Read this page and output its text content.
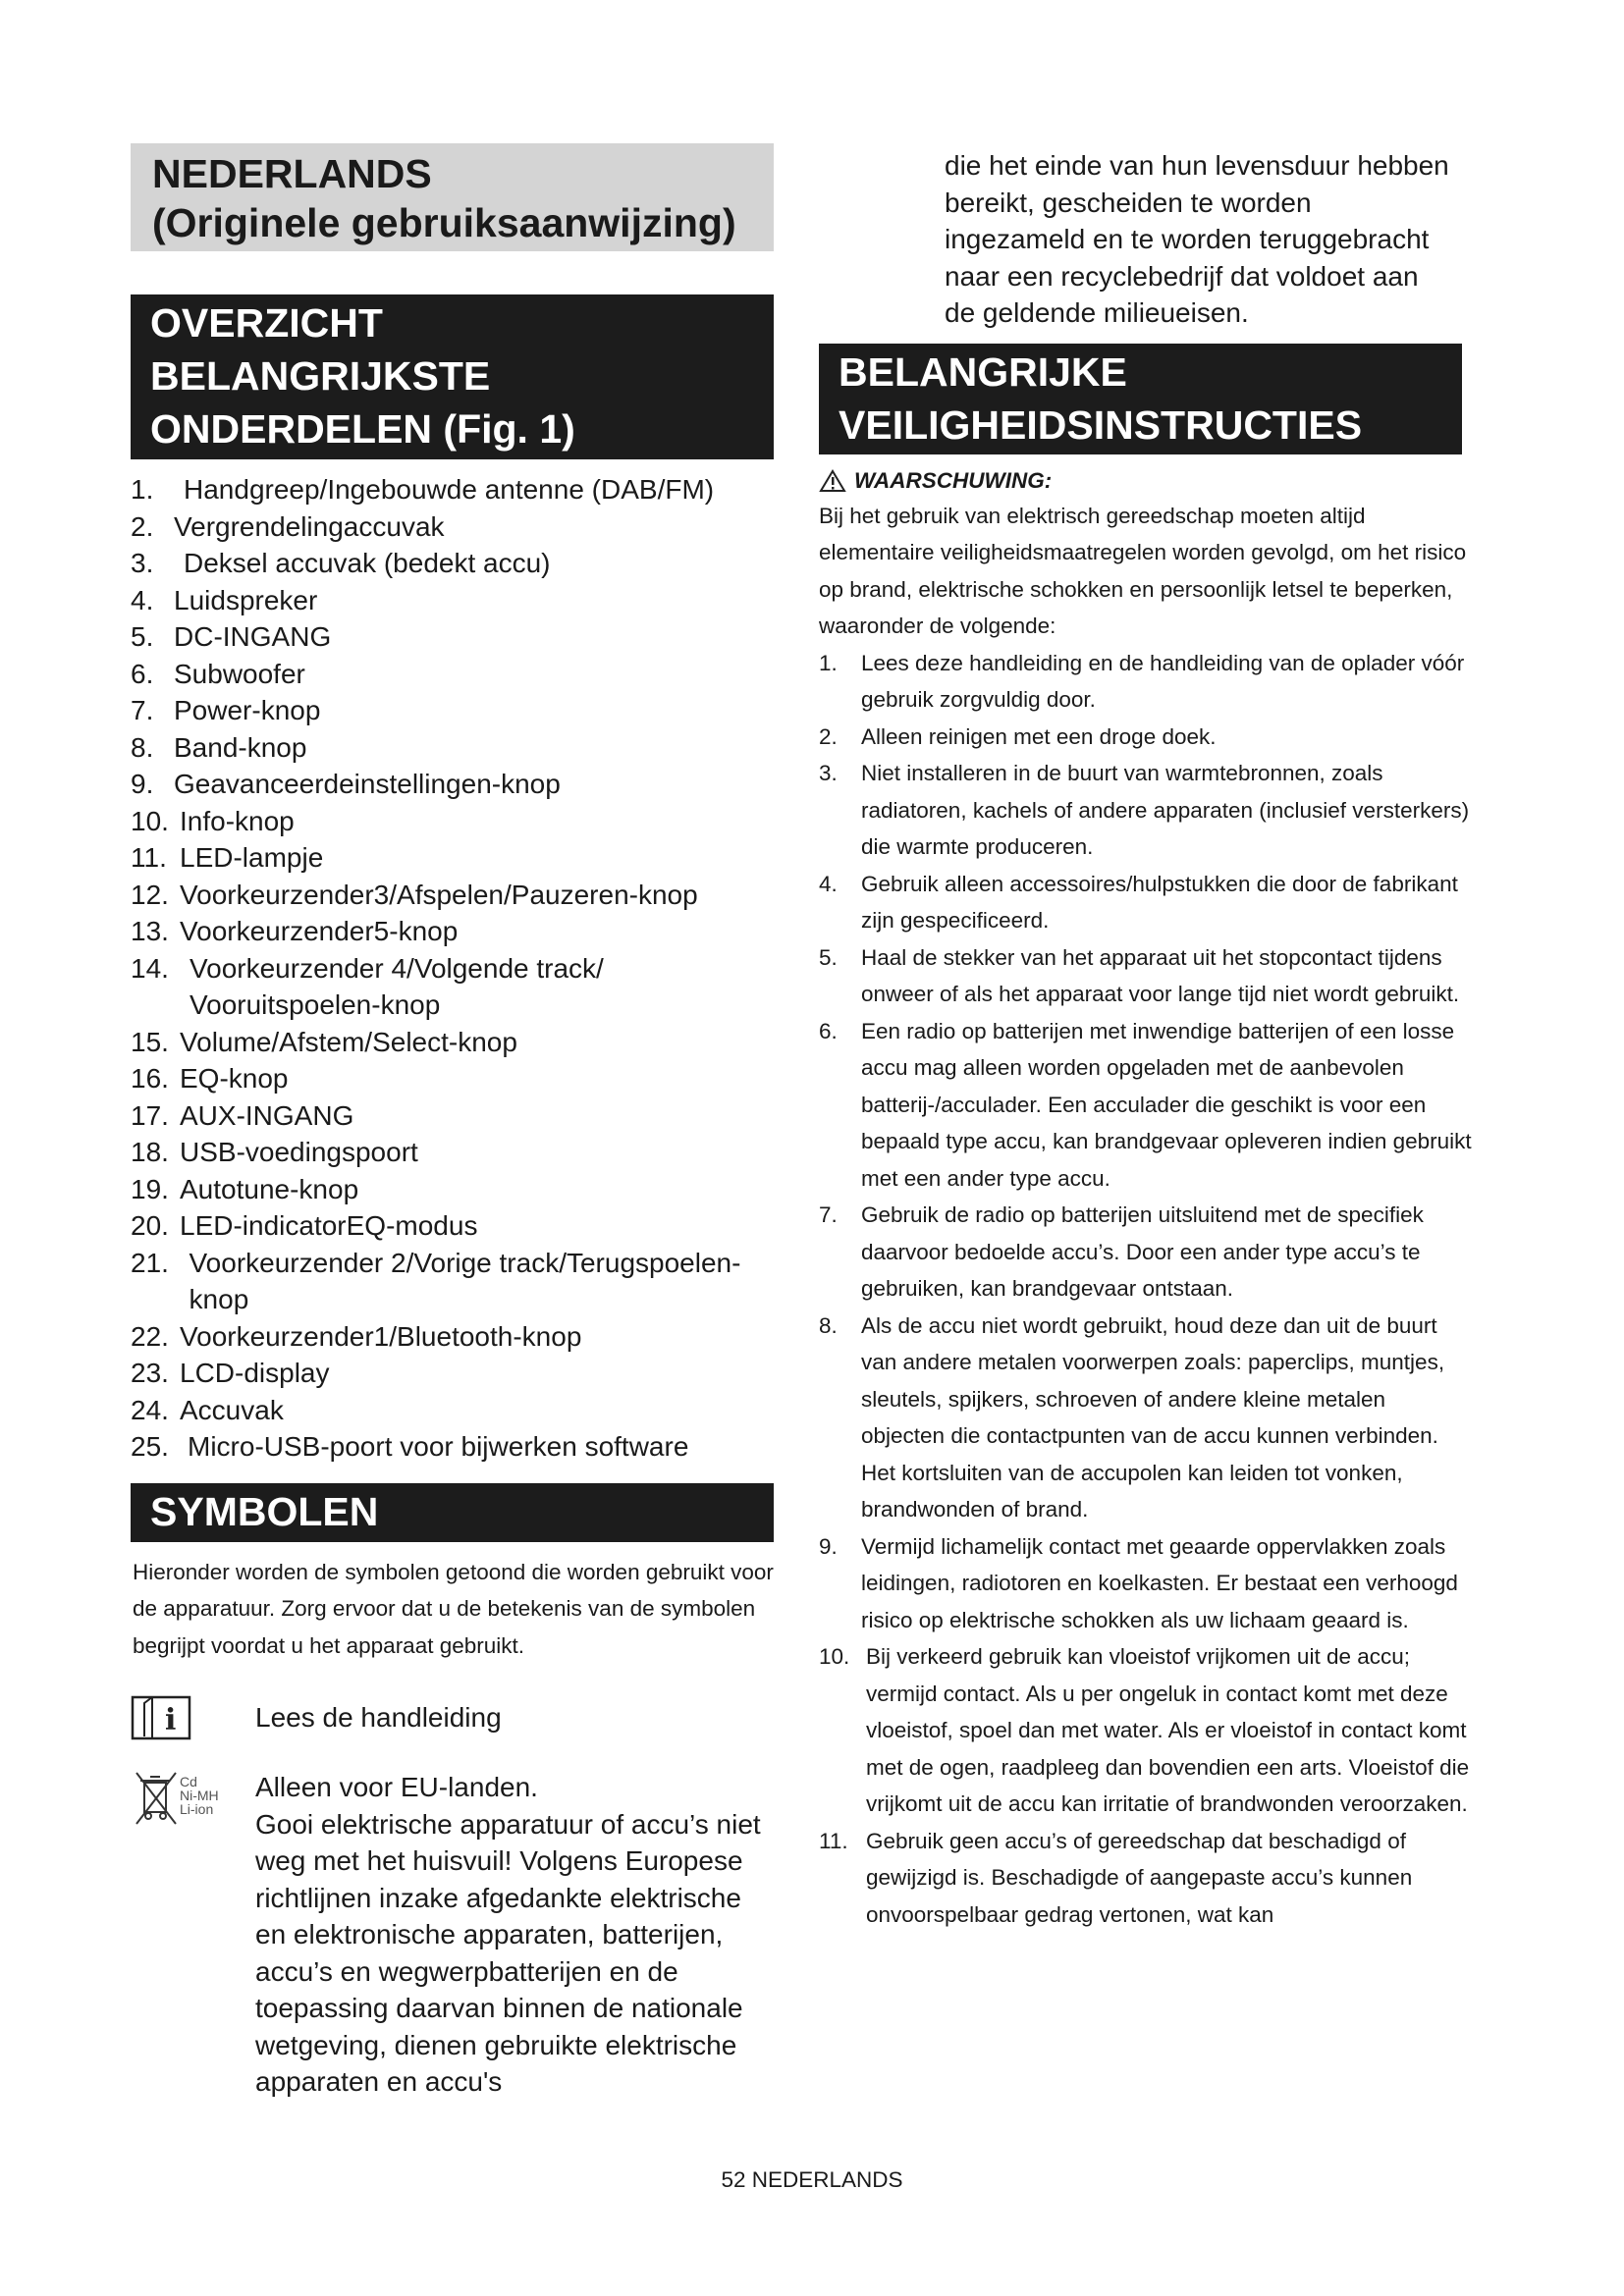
NEDERLANDS
(Originele gebruiksaanwijzing)
OVERZICHT
BELANGRIJKSTE
ONDERDELEN (Fig. 1)
1.	Handgreep/Ingebouwde antenne (DAB/FM)
2. Vergrendelingaccuvak
3.	Deksel accuvak (bedekt accu)
4. Luidspreker
5. DC-INGANG
6. Subwoofer
7. Power-knop
8. Band-knop
9. Geavanceerdeinstellingen-knop
10. Info-knop
11. LED-lampje
12. Voorkeurzender3/Afspelen/Pauzeren-knop
13. Voorkeurzender5-knop
14. Voorkeurzender 4/Volgende track/ Vooruitspoelen-knop
15. Volume/Afstem/Select-knop
16. EQ-knop
17. AUX-INGANG
18. USB-voedingspoort
19. Autotune-knop
20. LED-indicatorEQ-modus
21. Voorkeurzender 2/Vorige track/Terugspoelen-knop
22. Voorkeurzender1/Bluetooth-knop
23. LCD-display
24. Accuvak
25. Micro-USB-poort voor bijwerken software
SYMBOLEN
Hieronder worden de symbolen getoond die worden gebruikt voor de apparatuur. Zorg ervoor dat u de betekenis van de symbolen begrijpt voordat u het apparaat gebruikt.
i	Lees de handleiding
Cd
Ni-MH
Li-ion
Alleen voor EU-landen.
Gooi elektrische apparatuur of accu’s niet weg met het huisvuil! Volgens Europese richtlijnen inzake afgedankte elektrische en elektronische apparaten, batterijen, accu’s en wegwerpbatterijen en de toepassing daarvan binnen de nationale wetgeving, dienen gebruikte elektrische apparaten en accu's
die het einde van hun levensduur hebben bereikt, gescheiden te worden ingezameld en te worden teruggebracht naar een recyclebedrijf dat voldoet aan de geldende milieueisen.
BELANGRIJKE
VEILIGHEIDSINSTRUCTIES
WAARSCHUWING:
Bij het gebruik van elektrisch gereedschap moeten altijd elementaire veiligheidsmaatregelen worden gevolgd, om het risico op brand, elektrische schokken en persoonlijk letsel te beperken, waaronder de volgende:
1.	Lees deze handleiding en de handleiding van de oplader vóór gebruik zorgvuldig door.
2.	Alleen reinigen met een droge doek.
3.	Niet installeren in de buurt van warmtebronnen, zoals radiatoren, kachels of andere apparaten (inclusief versterkers) die warmte produceren.
4.	Gebruik alleen accessoires/hulpstukken die door de fabrikant zijn gespecificeerd.
5.	Haal de stekker van het apparaat uit het stopcontact tijdens onweer of als het apparaat voor lange tijd niet wordt gebruikt.
6.	Een radio op batterijen met inwendige batterijen of een losse accu mag alleen worden opgeladen met de aanbevolen batterij-/acculader. Een acculader die geschikt is voor een bepaald type accu, kan brandgevaar opleveren indien gebruikt met een ander type accu.
7.	Gebruik de radio op batterijen uitsluitend met de specifiek daarvoor bedoelde accu’s. Door een ander type accu’s te gebruiken, kan brandgevaar ontstaan.
8.	Als de accu niet wordt gebruikt, houd deze dan uit de buurt van andere metalen voorwerpen zoals: paperclips, muntjes, sleutels, spijkers, schroeven of andere kleine metalen objecten die contactpunten van de accu kunnen verbinden. Het kortsluiten van de accupolen kan leiden tot vonken, brandwonden of brand.
9.	Vermijd lichamelijk contact met geaarde oppervlakken zoals leidingen, radiotoren en koelkasten. Er bestaat een verhoogd risico op elektrische schokken als uw lichaam geaard is.
10. Bij verkeerd gebruik kan vloeistof vrijkomen uit de accu; vermijd contact. Als u per ongeluk in contact komt met deze vloeistof, spoel dan met water. Als er vloeistof in contact komt met de ogen, raadpleeg dan bovendien een arts. Vloeistof die vrijkomt uit de accu kan irritatie of brandwonden veroorzaken.
11. Gebruik geen accu’s of gereedschap dat beschadigd of gewijzigd is. Beschadigde of aangepaste accu’s kunnen onvoorspelbaar gedrag vertonen, wat kan
52 NEDERLANDS
